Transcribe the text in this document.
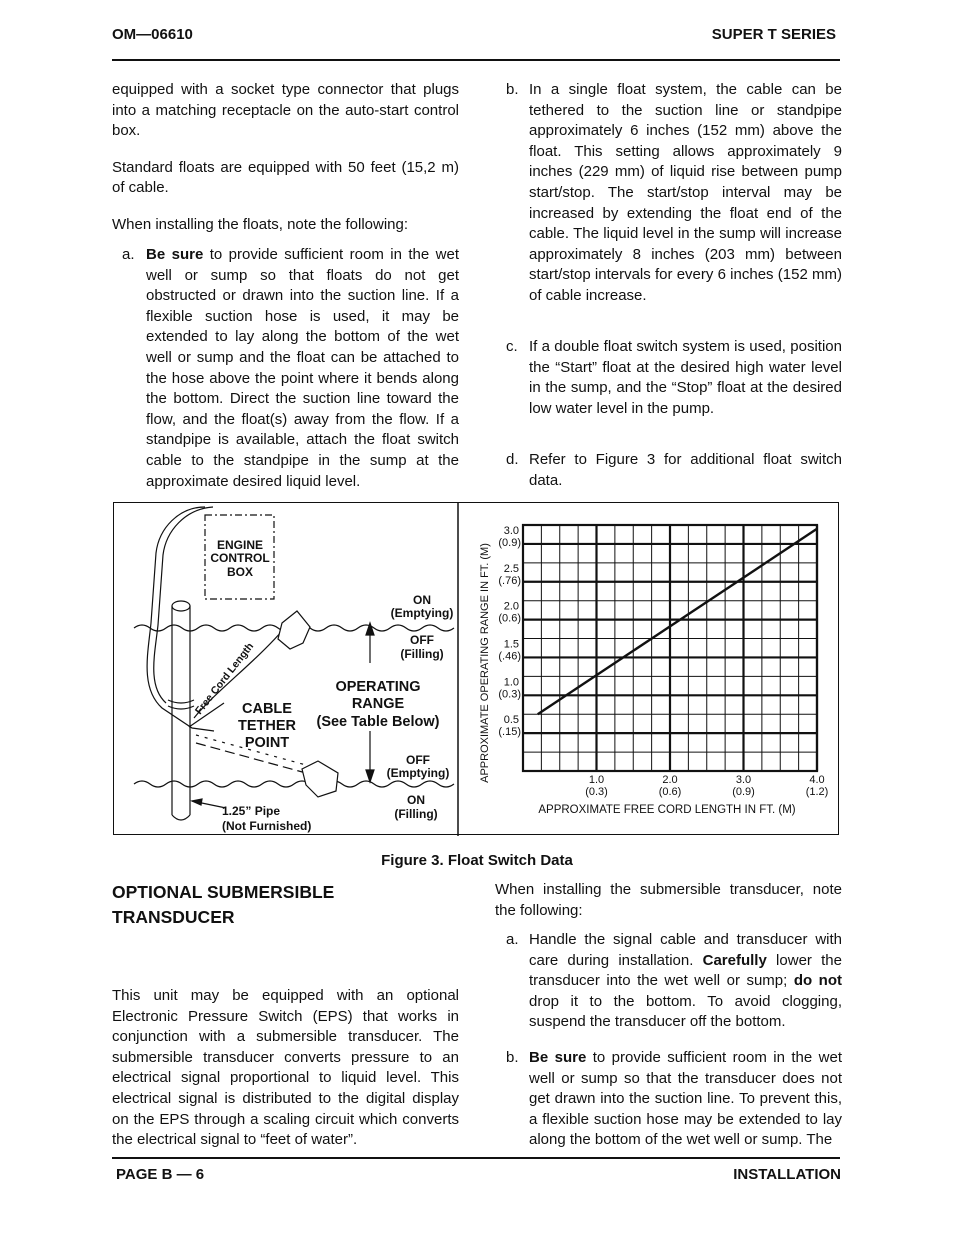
OM—06610	SUPER T SERIES

equipped with a socket type connector that plugs into a matching receptacle on the auto-start control box.

Standard floats are equipped with 50 feet (15,2 m) of cable.

When installing the floats, note the following:

a. Be sure to provide sufficient room in the wet well or sump so that floats do not get obstructed or drawn into the suction line. If a flexible suction hose is used, it may be extended to lay along the bottom of the wet well or sump and the float can be attached to the hose above the point where it bends along the bottom. Direct the suction line toward the flow, and the float(s) away from the flow. If a standpipe is available, attach the float switch cable to the standpipe in the sump at the approximate desired liquid level.
b. In a single float system, the cable can be tethered to the suction line or standpipe approximately 6 inches (152 mm) above the float. This setting allows approximately 9 inches (229 mm) of liquid rise between pump start/stop. The start/stop interval may be increased by extending the float end of the cable. The liquid level in the sump will increase approximately 8 inches (203 mm) between start/stop intervals for every 6 inches (152 mm) of cable increase.
c. If a double float switch system is used, position the “Start” float at the desired high water level in the sump, and the “Stop” float at the desired low water level in the pump.
d. Refer to Figure 3 for additional float switch data.
ENGINE
CONTROL
BOX
ON
(Emptying)
OFF
(Filling)
OPERATING
RANGE
(See Table Below)
CABLE
TETHER
POINT
OFF
(Emptying)
ON
(Filling)
1.25” Pipe
(Not Furnished)
Free Cord Length
1.0
(0.3)
2.0
(0.6)
3.0
(0.9)
4.0
(1.2)
0.5
(.15)
1.0
(0.3)
1.5
(.46)
2.0
(0.6)
2.5
(.76)
3.0
(0.9)
APPROXIMATE FREE CORD LENGTH IN FT. (M)
APPROXIMATE OPERATING RANGE IN FT. (M)
Figure 3. Float Switch Data
OPTIONAL SUBMERSIBLE
TRANSDUCER

This unit may be equipped with an optional Electronic Pressure Switch (EPS) that works in conjunction with a submersible transducer. The submersible transducer converts pressure to an electrical signal proportional to liquid level. This electrical signal is distributed to the digital display on the EPS through a scaling circuit which converts the electrical signal to “feet of water”.

When installing the submersible transducer, note the following:

a. Handle the signal cable and transducer with care during installation. Carefully lower the transducer into the wet well or sump; do not drop it to the bottom. To avoid clogging, suspend the transducer off the bottom.
b. Be sure to provide sufficient room in the wet well or sump so that the transducer does not get drawn into the suction line. To prevent this, a flexible suction hose may be extended to lay along the bottom of the wet well or sump. The
PAGE B — 6	INSTALLATION
